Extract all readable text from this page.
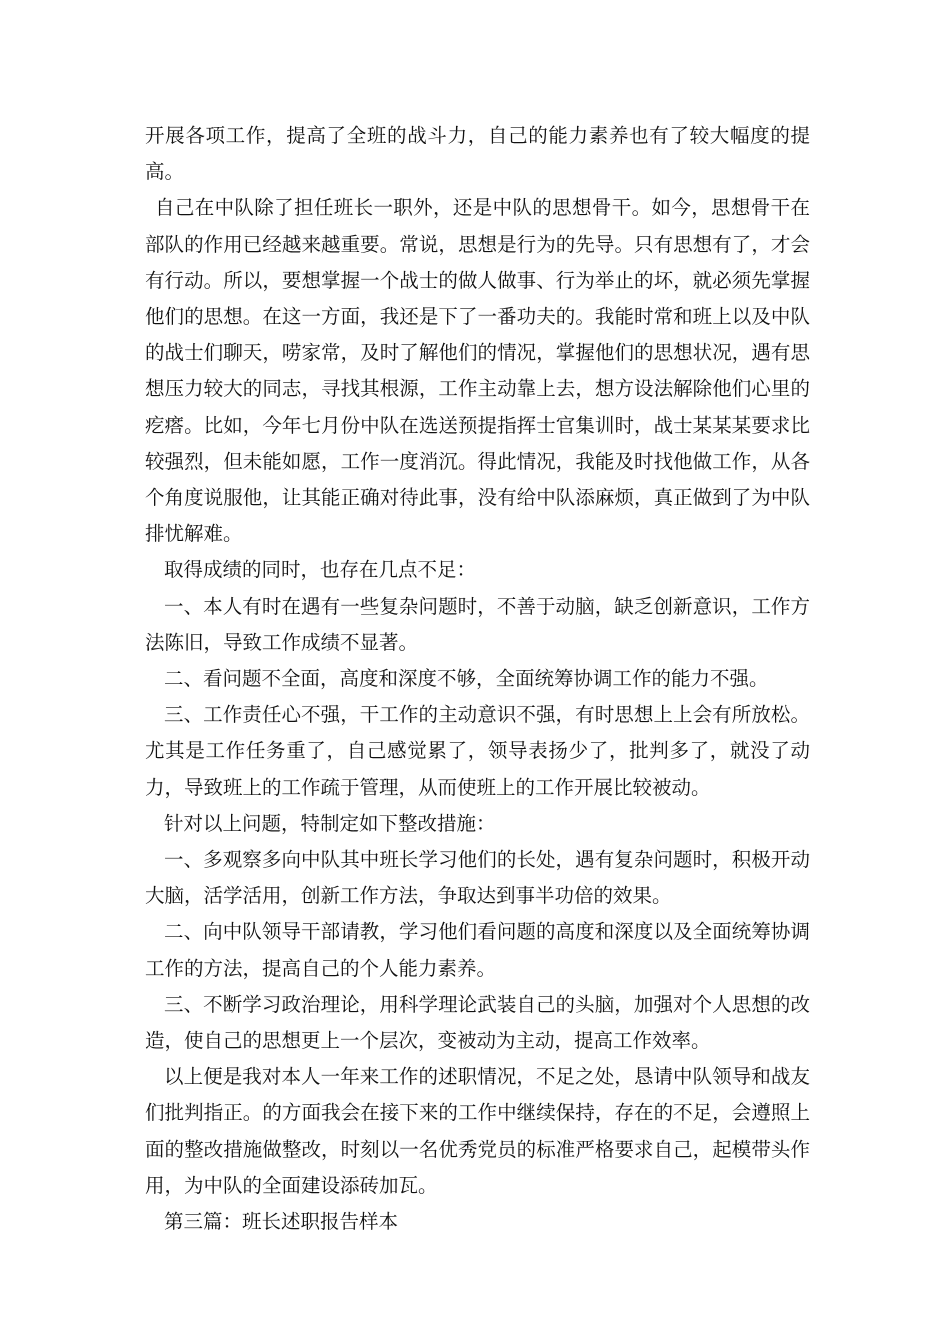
开展各项工作，提高了全班的战斗力，自己的能力素养也有了较大幅度的提高。

自己在中队除了担任班长一职外，还是中队的思想骨干。如今，思想骨干在部队的作用已经越来越重要。常说，思想是行为的先导。只有思想有了，才会有行动。所以，要想掌握一个战士的做人做事、行为举止的坏，就必须先掌握他们的思想。在这一方面，我还是下了一番功夫的。我能时常和班上以及中队的战士们聊天，唠家常，及时了解他们的情况，掌握他们的思想状况，遇有思想压力较大的同志，寻找其根源，工作主动靠上去，想方设法解除他们心里的疙瘩。比如，今年七月份中队在选送预提指挥士官集训时，战士某某某要求比较强烈，但未能如愿，工作一度消沉。得此情况，我能及时找他做工作，从各个角度说服他，让其能正确对待此事，没有给中队添麻烦，真正做到了为中队排忧解难。

取得成绩的同时，也存在几点不足：

一、本人有时在遇有一些复杂问题时，不善于动脑，缺乏创新意识，工作方法陈旧，导致工作成绩不显著。

二、看问题不全面，高度和深度不够，全面统筹协调工作的能力不强。

三、工作责任心不强，干工作的主动意识不强，有时思想上上会有所放松。尤其是工作任务重了，自己感觉累了，领导表扬少了，批判多了，就没了动力，导致班上的工作疏于管理，从而使班上的工作开展比较被动。

针对以上问题，特制定如下整改措施：

一、多观察多向中队其中班长学习他们的长处，遇有复杂问题时，积极开动大脑，活学活用，创新工作方法，争取达到事半功倍的效果。

二、向中队领导干部请教，学习他们看问题的高度和深度以及全面统筹协调工作的方法，提高自己的个人能力素养。

三、不断学习政治理论，用科学理论武装自己的头脑，加强对个人思想的改造，使自己的思想更上一个层次，变被动为主动，提高工作效率。

以上便是我对本人一年来工作的述职情况，不足之处，恳请中队领导和战友们批判指正。的方面我会在接下来的工作中继续保持，存在的不足，会遵照上面的整改措施做整改，时刻以一名优秀党员的标准严格要求自己，起模带头作用，为中队的全面建设添砖加瓦。

第三篇：班长述职报告样本
